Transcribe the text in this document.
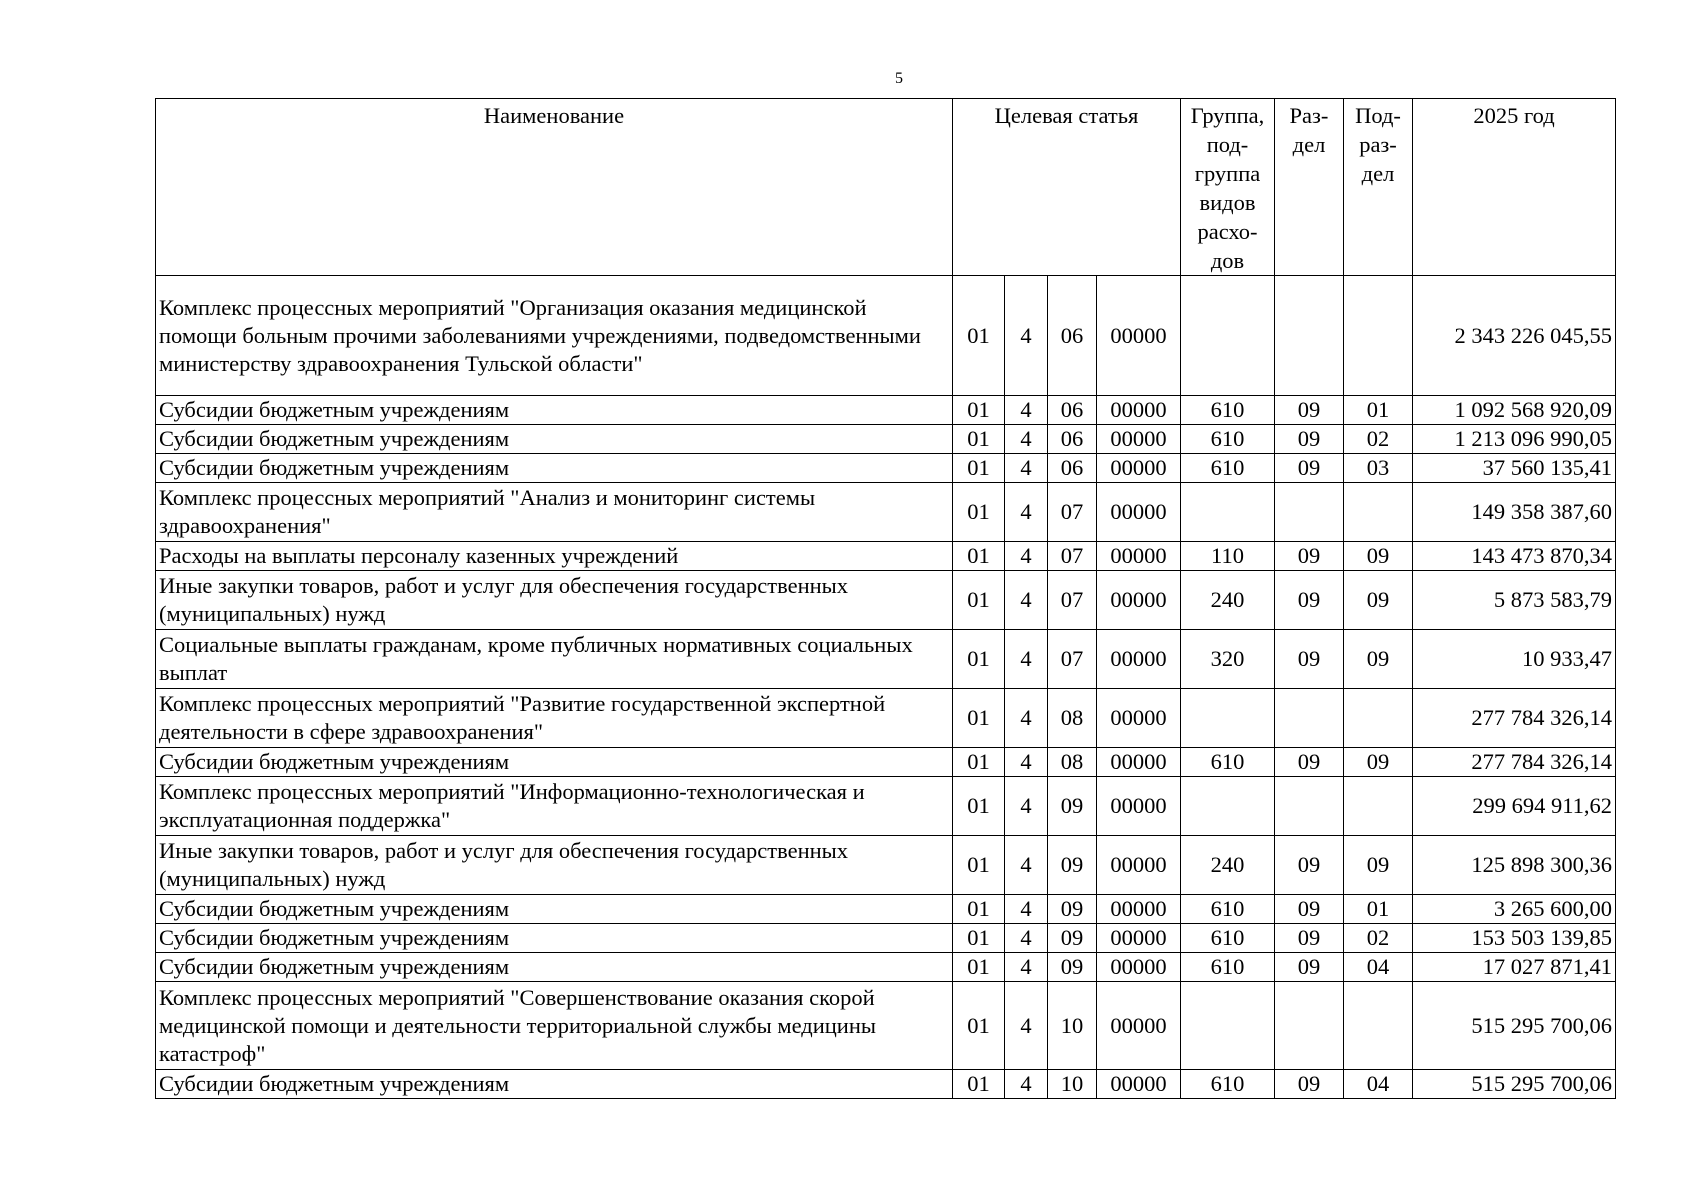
5
Наименование	Целевая статья				Группа, под-группа видов расхо-дов	Раз-дел	Под-раз-дел	2025 год
Комплекс процессных мероприятий "Организация оказания медицинской помощи больным прочими заболеваниями учреждениями, подведомственными министерству здравоохранения Тульской области"	01	4	06	00000				2 343 226 045,55
Субсидии бюджетным учреждениям	01	4	06	00000	610	09	01	1 092 568 920,09
Субсидии бюджетным учреждениям	01	4	06	00000	610	09	02	1 213 096 990,05
Субсидии бюджетным учреждениям	01	4	06	00000	610	09	03	37 560 135,41
Комплекс процессных мероприятий "Анализ и мониторинг системы здравоохранения"	01	4	07	00000				149 358 387,60
Расходы на выплаты персоналу казенных учреждений	01	4	07	00000	110	09	09	143 473 870,34
Иные закупки товаров, работ и услуг для обеспечения государственных (муниципальных) нужд	01	4	07	00000	240	09	09	5 873 583,79
Социальные выплаты гражданам, кроме публичных нормативных социальных выплат	01	4	07	00000	320	09	09	10 933,47
Комплекс процессных мероприятий "Развитие государственной экспертной деятельности в сфере здравоохранения"	01	4	08	00000				277 784 326,14
Субсидии бюджетным учреждениям	01	4	08	00000	610	09	09	277 784 326,14
Комплекс процессных мероприятий "Информационно-технологическая и эксплуатационная поддержка"	01	4	09	00000				299 694 911,62
Иные закупки товаров, работ и услуг для обеспечения государственных (муниципальных) нужд	01	4	09	00000	240	09	09	125 898 300,36
Субсидии бюджетным учреждениям	01	4	09	00000	610	09	01	3 265 600,00
Субсидии бюджетным учреждениям	01	4	09	00000	610	09	02	153 503 139,85
Субсидии бюджетным учреждениям	01	4	09	00000	610	09	04	17 027 871,41
Комплекс процессных мероприятий "Совершенствование оказания скорой медицинской помощи и деятельности территориальной службы медицины катастроф"	01	4	10	00000				515 295 700,06
Субсидии бюджетным учреждениям	01	4	10	00000	610	09	04	515 295 700,06
